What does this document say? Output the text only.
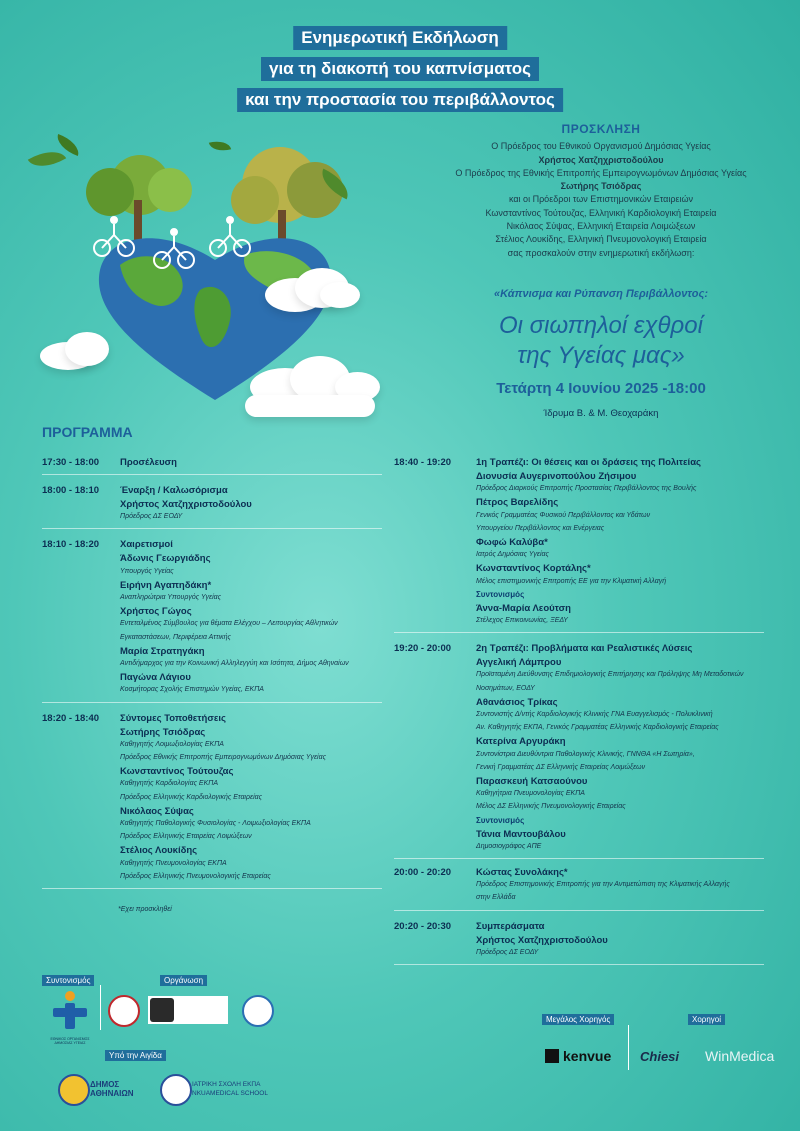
Ενημερωτική Εκδήλωση
για τη διακοπή του καπνίσματος
και την προστασία του περιβάλλοντος
ΠΡΟΣΚΛΗΣΗ
Ο Πρόεδρος του Εθνικού Οργανισμού Δημόσιας Υγείας
Χρήστος Χατζηχριστοδούλου
Ο Πρόεδρος της Εθνικής Επιτροπής Εμπειρογνωμόνων Δημόσιας Υγείας
Σωτήρης Τσιόδρας
και οι Πρόεδροι των Επιστημονικών Εταιρειών
Κωνσταντίνος Τούτουζας, Ελληνική Καρδιολογική Εταιρεία
Νικόλαος Σύψας, Ελληνική Εταιρεία Λοιμώξεων
Στέλιος Λουκίδης, Ελληνική Πνευμονολογική Εταιρεία
σας προσκαλούν στην ενημερωτική εκδήλωση:
«Κάπνισμα και Ρύπανση Περιβάλλοντος:
Οι σιωπηλοί εχθροί
της Υγείας μας»
Τετάρτη 4 Ιουνίου 2025 -18:00
Ίδρυμα Β. & Μ. Θεοχαράκη
ΠΡΟΓΡΑΜΜΑ
17:30 - 18:00 Προσέλευση
18:00 - 18:10 Έναρξη / Καλωσόρισμα
Χρήστος Χατζηχριστοδούλου
Πρόεδρος ΔΣ ΕΟΔΥ
18:10 - 18:20 Χαιρετισμοί
Άδωνις Γεωργιάδης
Υπουργός Υγείας
Ειρήνη Αγαπηδάκη*
Αναπληρώτρια Υπουργός Υγείας
Χρήστος Γώγος
Εντεταλμένος Σύμβουλος για θέματα Ελέγχου – Λειτουργίας Αθλητικών
Εγκαταστάσεων, Περιφέρεια Αττικής
Μαρία Στρατηγάκη
Αντιδήμαρχος για την Κοινωνική Αλληλεγγύη και Ισότητα, Δήμος Αθηναίων
Παγώνα Λάγιου
Κοσμήτορας Σχολής Επιστημών Υγείας, ΕΚΠΑ
18:20 - 18:40 Σύντομες Τοποθετήσεις
Σωτήρης Τσιόδρας
Καθηγητής Λοιμωξιολογίας ΕΚΠΑ
Πρόεδρος Εθνικής Επιτροπής Εμπειρογνωμόνων Δημόσιας Υγείας
Κωνσταντίνος Τούτουζας
Καθηγητής Καρδιολογίας ΕΚΠΑ
Πρόεδρος Ελληνικής Καρδιολογικής Εταιρείας
Νικόλαος Σύψας
Καθηγητής Παθολογικής Φυσιολογίας - Λοιμωξιολογίας ΕΚΠΑ
Πρόεδρος Ελληνικής Εταιρείας Λοιμώξεων
Στέλιος Λουκίδης
Καθηγητής Πνευμονολογίας ΕΚΠΑ
Πρόεδρος Ελληνικής Πνευμονολογικής Εταιρείας
18:40 - 19:20	1η Τραπέζι: Οι θέσεις και οι δράσεις της Πολιτείας
Διονυσία Αυγερινοπούλου Ζήσιμου
Πρόεδρος Διαρκούς Επιτροπής Προστασίας Περιβάλλοντος της Βουλής
Πέτρος Βαρελίδης
Γενικός Γραμματέας Φυσικού Περιβάλλοντος και Υδάτων
Υπουργείου Περιβάλλοντος και Ενέργειας
Φωφώ Καλύβα*
Ιατρός Δημόσιας Υγείας
Κωνσταντίνος Κορτάλης*
Μέλος επιστημονικής Επιτροπής ΕΕ για την Κλιματική Αλλαγή
Συντονισμός
Άννα-Μαρία Λεούτση
Στέλεχος Επικοινωνίας, ΞΕΔΥ
19:20 - 20:00	2η Τραπέζι: Προβλήματα και Ρεαλιστικές Λύσεις
Αγγελική Λάμπρου
Προϊσταμένη Διεύθυνσης Επιδημιολογικής Επιτήρησης και Πρόληψης Μη Μεταδοτικών
Νοσημάτων, ΕΟΔΥ
Αθανάσιος Τρίκας
Συντονιστής Δ/ντής Καρδιολογικής Κλινικής ΓΝΑ Ευαγγελισμός - Πολυκλινική
Αν. Καθηγητής ΕΚΠΑ, Γενικός Γραμματέας Ελληνικής Καρδιολογικής Εταιρείας
Κατερίνα Αργυράκη
Συντονίστρια Διευθύντρια Παθολογικής Κλινικής, ΓΝΝΘΑ «Η Σωτηρία»,
Γενική Γραμματέας ΔΣ Ελληνικής Εταιρείας Λοιμώξεων
Παρασκευή Κατσαούνου
Καθηγήτρια Πνευμονολογίας ΕΚΠΑ
Μέλος ΔΣ Ελληνικής Πνευμονολογικής Εταιρείας
Συντονισμός
Τάνια Μαντουβάλου
Δημοσιογράφος ΑΠΕ
20:00 - 20:20	Κώστας Συνολάκης*
Πρόεδρος Επιστημονικής Επιτροπής για την Αντιμετώπιση της Κλιματικής Αλλαγής
στην Ελλάδα
20:20 - 20:30	Συμπεράσματα
Χρήστος Χατζηχριστοδούλου
Πρόεδρος ΔΣ ΕΟΔΥ
*Εχει προσκληθεί
Συντονισμός	Οργάνωση
Υπό την Αιγίδα
Μεγάλος Χορηγός	Χορηγοί
ΕΘΝΙΚΟΣ ΟΡΓΑΝΙΣΜΟΣ ΔΗΜΟΣΙΑΣ ΥΓΕΙΑΣ
ΔΗΜΟΣ ΑΘΗΝΑΙΩΝ
ΙΑΤΡΙΚΗ ΣΧΟΛΗ ΕΚΠΑ
NKUAMEDICAL SCHOOL
kenvue Chiesi WinMedica
